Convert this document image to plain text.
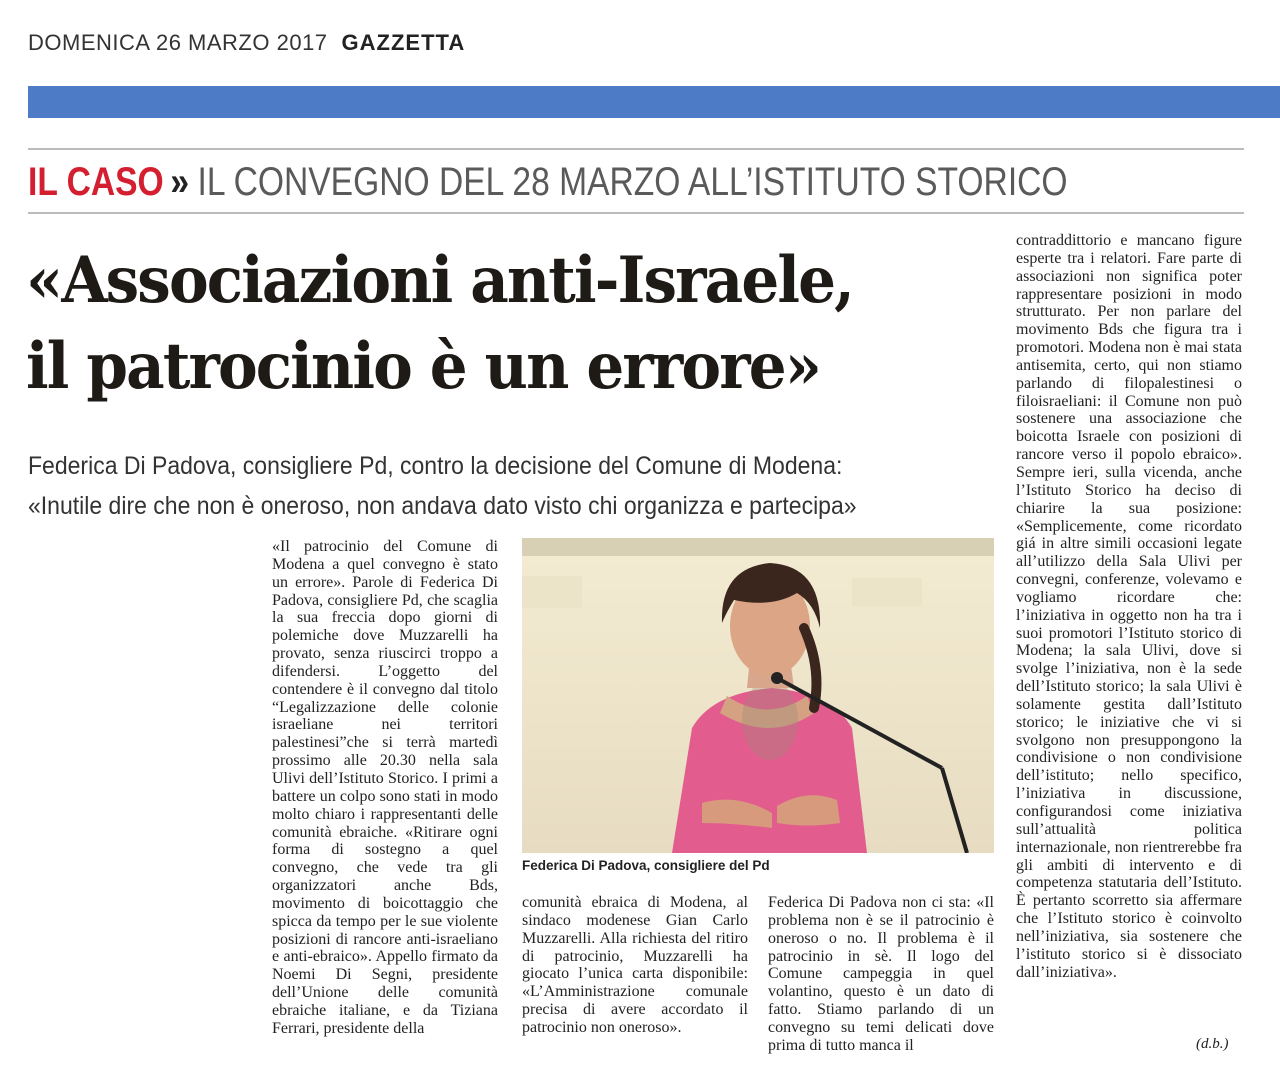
DOMENICA 26 MARZO 2017 GAZZETTA
IL CASO » IL CONVEGNO DEL 28 MARZO ALL’ISTITUTO STORICO
«Associazioni anti-Israele,
il patrocinio è un errore»
Federica Di Padova, consigliere Pd, contro la decisione del Comune di Modena:
«Inutile dire che non è oneroso, non andava dato visto chi organizza e partecipa»
«Il patrocinio del Comune di Modena a quel convegno è stato un errore». Parole di Federica Di Padova, consigliere Pd, che scaglia la sua freccia dopo giorni di polemiche dove Muzzarelli ha provato, senza riuscirci troppo a difendersi. L’oggetto del contendere è il convegno dal titolo “Legalizzazione delle colonie israeliane nei territori palestinesi”che si terrà martedì prossimo alle 20.30 nella sala Ulivi dell’Istituto Storico. I primi a battere un colpo sono stati in modo molto chiaro i rappresentanti delle comunità ebraiche. «Ritirare ogni forma di sostegno a quel convegno, che vede tra gli organizzatori anche Bds, movimento di boicottaggio che spicca da tempo per le sue violente posizioni di rancore anti-israeliano e anti-ebraico». Appello firmato da Noemi Di Segni, presidente dell’Unione delle comunità ebraiche italiane, e da Tiziana Ferrari, presidente della
Federica Di Padova, consigliere del Pd
comunità ebraica di Modena, al sindaco modenese Gian Carlo Muzzarelli. Alla richiesta del ritiro di patrocinio, Muzzarelli ha giocato l’unica carta disponibile: «L’Amministrazione comunale precisa di avere accordato il patrocinio non oneroso».
Federica Di Padova non ci sta: «Il problema non è se il patrocinio è oneroso o no. Il problema è il patrocinio in sè. Il logo del Comune campeggia in quel volantino, questo è un dato di fatto. Stiamo parlando di un convegno su temi delicati dove prima di tutto manca il
contraddittorio e mancano figure esperte tra i relatori. Fare parte di associazioni non significa poter rappresentare posizioni in modo strutturato. Per non parlare del movimento Bds che figura tra i promotori. Modena non è mai stata antisemita, certo, qui non stiamo parlando di filopalestinesi o filoisraeliani: il Comune non può sostenere una associazione che boicotta Israele con posizioni di rancore verso il popolo ebraico». Sempre ieri, sulla vicenda, anche l’Istituto Storico ha deciso di chiarire la sua posizione: «Semplicemente, come ricordato giá in altre simili occasioni legate all’utilizzo della Sala Ulivi per convegni, conferenze, volevamo e vogliamo ricordare che: l’iniziativa in oggetto non ha tra i suoi promotori l’Istituto storico di Modena; la sala Ulivi, dove si svolge l’iniziativa, non è la sede dell’Istituto storico; la sala Ulivi è solamente gestita dall’Istituto storico; le iniziative che vi si svolgono non presuppongono la condivisione o non condivisione dell’istituto; nello specifico, l’iniziativa in discussione, configurandosi come iniziativa sull’attualità politica internazionale, non rientrerebbe fra gli ambiti di intervento e di competenza statutaria dell’Istituto. È pertanto scorretto sia affermare che l’Istituto storico è coinvolto nell’iniziativa, sia sostenere che l’istituto storico si è dissociato dall’iniziativa».
(d.b.)
